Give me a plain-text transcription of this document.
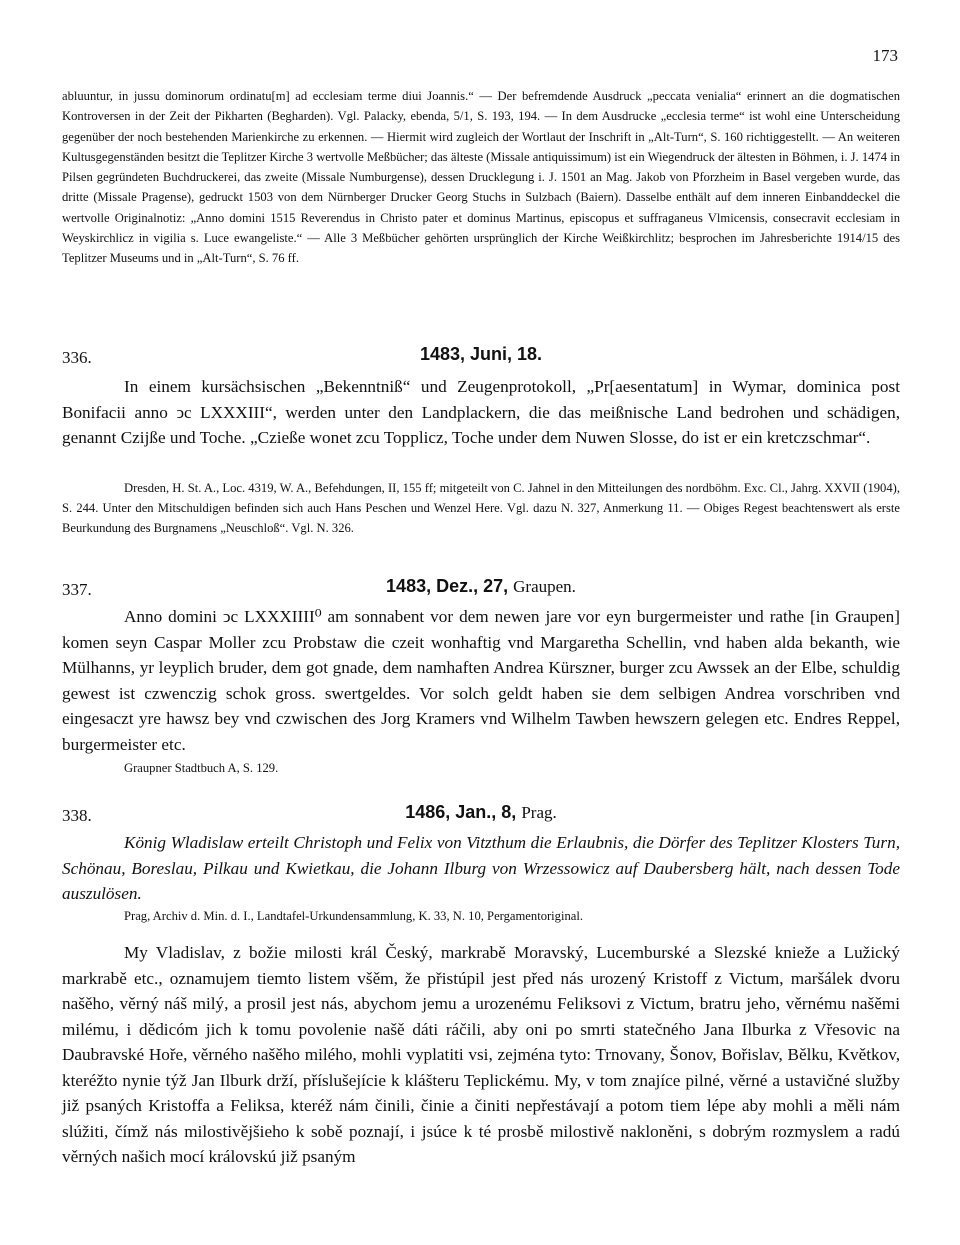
173

abluuntur, in jussu dominorum ordinatu[m] ad ecclesiam terme diui Joannis.“ — Der befremdende Ausdruck „peccata venialia“ erinnert an die dogmatischen Kontroversen in der Zeit der Pikharten (Begharden). Vgl. Palacky, ebenda, 5/1, S. 193, 194. — In dem Ausdrucke „ecclesia terme“ ist wohl eine Unterscheidung gegenüber der noch bestehenden Marienkirche zu erkennen. — Hiermit wird zugleich der Wortlaut der Inschrift in „Alt-Turn“, S. 160 richtiggestellt. — An weiteren Kultusgegenständen besitzt die Teplitzer Kirche 3 wertvolle Meßbücher; das älteste (Missale antiquissimum) ist ein Wiegendruck der ältesten in Böhmen, i. J. 1474 in Pilsen gegründeten Buchdruckerei, das zweite (Missale Numburgense), dessen Drucklegung i. J. 1501 an Mag. Jakob von Pforzheim in Basel vergeben wurde, das dritte (Missale Pragense), gedruckt 1503 von dem Nürnberger Drucker Georg Stuchs in Sulzbach (Baiern). Dasselbe enthält auf dem inneren Einbanddeckel die wertvolle Originalnotiz: „Anno domini 1515 Reverendus in Christo pater et dominus Martinus, episcopus et suffraganeus Vlmicensis, consecravit ecclesiam in Weyskirchlicz in vigilia s. Luce ewangeliste.“ — Alle 3 Meßbücher gehörten ursprünglich der Kirche Weißkirchlitz; besprochen im Jahresberichte 1914/15 des Teplitzer Museums und in „Alt-Turn“, S. 76 ff.

336.	1483, Juni, 18.

In einem kursächsischen „Bekenntniß“ und Zeugenprotokoll, „Pr[aesentatum] in Wymar, dominica post Bonifacii anno ↄc LXXXIII“, werden unter den Landplackern, die das meißnische Land bedrohen und schädigen, genannt Czijße und Toche. „Czieße wonet zcu Topplicz, Toche under dem Nuwen Slosse, do ist er ein kretczschmar“.

Dresden, H. St. A., Loc. 4319, W. A., Befehdungen, II, 155 ff; mitgeteilt von C. Jahnel in den Mitteilungen des nordböhm. Exc. Cl., Jahrg. XXVII (1904), S. 244. Unter den Mitschuldigen befinden sich auch Hans Peschen und Wenzel Here. Vgl. dazu N. 327, Anmerkung 11. — Obiges Regest beachtenswert als erste Beurkundung des Burgnamens „Neuschloß“. Vgl. N. 326.

337.	1483, Dez., 27, Graupen.

Anno domini ↄc LXXXIIII⁰ am sonnabent vor dem newen jare vor eyn burgermeister und rathe [in Graupen] komen seyn Caspar Moller zcu Probstaw die czeit wonhaftig vnd Margaretha Schellin, vnd haben alda bekanth, wie Mülhanns, yr leyplich bruder, dem got gnade, dem namhaften Andrea Kürszner, burger zcu Awssek an der Elbe, schuldig gewest ist czwenczig schok gross. swertgeldes. Vor solch geldt haben sie dem selbigen Andrea vorschriben vnd eingesaczt yre hawsz bey vnd czwischen des Jorg Kramers vnd Wilhelm Tawben hewszern gelegen etc. Endres Reppel, burgermeister etc.

Graupner Stadtbuch A, S. 129.

338.	1486, Jan., 8, Prag.

König Wladislaw erteilt Christoph und Felix von Vitzthum die Erlaubnis, die Dörfer des Teplitzer Klosters Turn, Schönau, Boreslau, Pilkau und Kwietkau, die Johann Ilburg von Wrzessowicz auf Daubersberg hält, nach dessen Tode auszulösen.

Prag, Archiv d. Min. d. I., Landtafel-Urkundensammlung, K. 33, N. 10, Pergamentoriginal.

My Vladislav, z božie milosti král Český, markrabě Moravský, Lucemburské a Slezské knieže a Lužický markrabě etc., oznamujem tiemto listem všěm, že přistúpil jest před nás urozený Kristoff z Victum, maršálek dvoru našěho, věrný náš milý, a prosil jest nás, abychom jemu a urozenému Feliksovi z Victum, bratru jeho, věrnému našěmi milému, i dědicóm jich k tomu povolenie našě dáti ráčili, aby oni po smrti statečného Jana Ilburka z Vřesovic na Daubravské Hoře, věrného našěho milého, mohli vyplatiti vsi, zejména tyto: Trnovany, Šonov, Bořislav, Bělku, Květkov, kteréžto nynie týž Jan Ilburk drží, příslušejície k klášteru Teplickému. My, v tom znajíce pilné, věrné a ustavičné služby již psaných Kristoffa a Feliksa, kteréž nám činili, činie a činiti nepřestávají a potom tiem lépe aby mohli a měli nám slúžiti, čímž nás milostivějšieho k sobě poznají, i jsúce k té prosbě milostivě nakloněni, s dobrým rozmyslem a radú věrných našich mocí královskú již psaným
